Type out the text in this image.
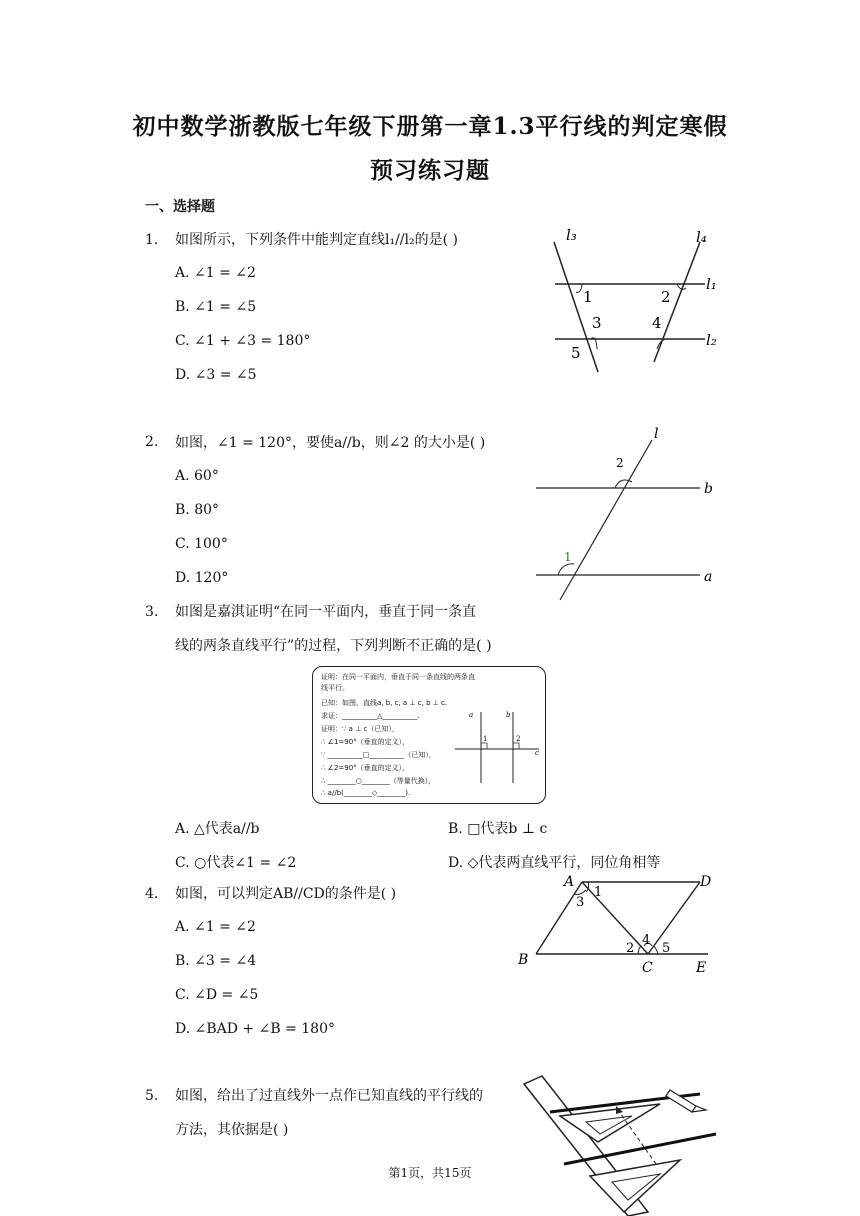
初中数学浙教版七年级下册第一章1.3平行线的判定寒假
预习练习题
一、选择题
1. 如图所示，下列条件中能判定直线l₁//l₂的是( )
A. ∠1 = ∠2
B. ∠1 = ∠5
C. ∠1 + ∠3 = 180°
D. ∠3 = ∠5
l₃	l₄
l₁
l₂
1	2
3	4
5
2. 如图，∠1 = 120°，要使a//b，则∠2 的大小是( )
A. 60°
B. 80°
C. 100°
D. 120°
l
b
a
1
2
3. 如图是嘉淇证明“在同一平面内，垂直于同一条直
线的两条直线平行”的过程，下列判断不正确的是( )
证明：在同一平面内，垂直于同一条直线的两条直
线平行。
已知：如图，直线a, b, c, a ⊥ c, b ⊥ c.
求证：__________△__________.
证明：∵ a ⊥ c（已知），
∴ ∠1=90°（垂直的定义），
∵ __________□__________（已知），
∴ ∠2=90°（垂直的定义），
∴ ________○________（等量代换），
∴ a//b(________◇________).
a	b
c
1	2
A. △代表a//b	B. □代表b ⊥ c
C. ○代表∠1 = ∠2	D. ◇代表两直线平行，同位角相等
4. 如图，可以判定AB//CD的条件是( )
A. ∠1 = ∠2
B. ∠3 = ∠4
C. ∠D = ∠5
D. ∠BAD + ∠B = 180°
A	D
B	C	E
1
2
3
4
5
5. 如图，给出了过直线外一点作已知直线的平行线的
方法，其依据是( )
第1页，共15页
